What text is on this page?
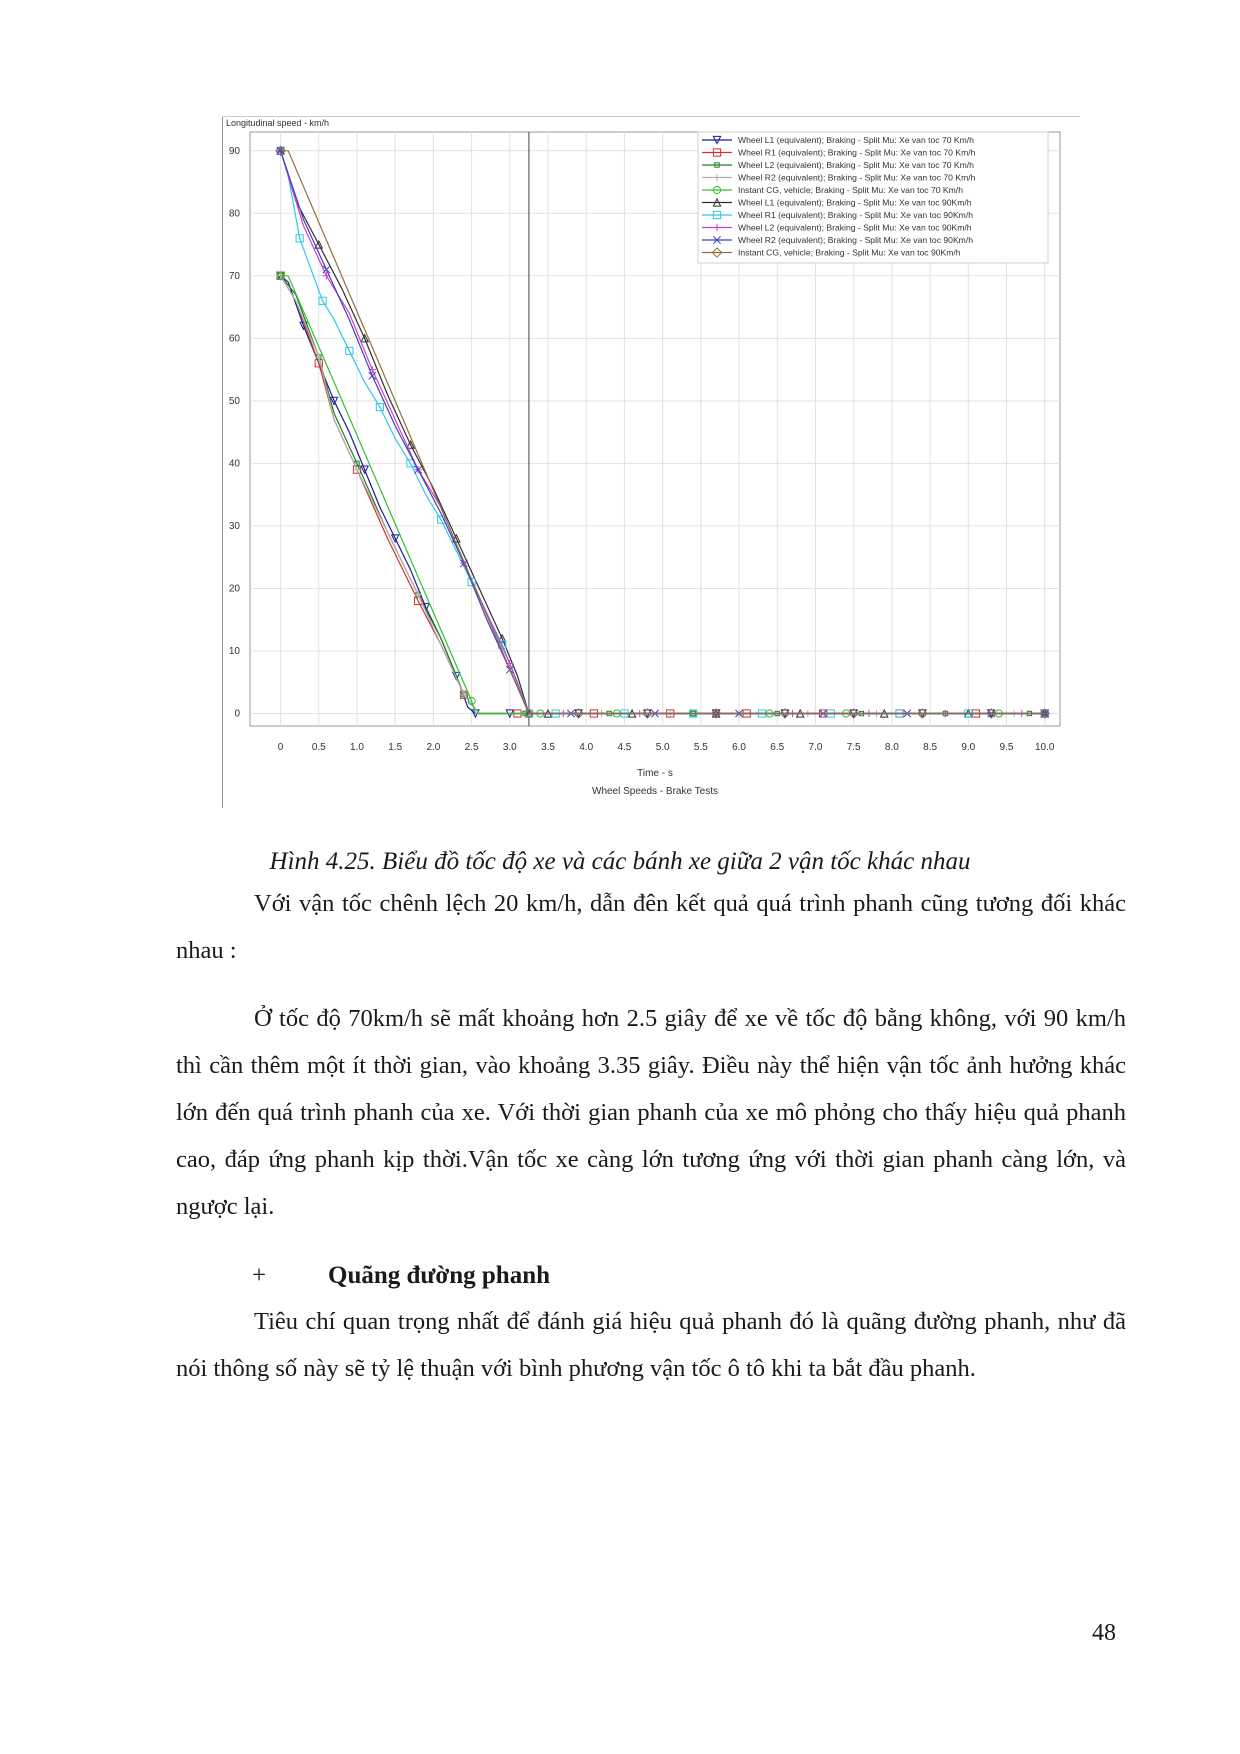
0
10
20
30
40
50
60
70
80
90
0	0.5 1.0 1.5 2.0 2.5 3.0 3.5 4.0 4.5 5.0 5.5 6.0 6.5 7.0 7.5 8.0 8.5 9.0 9.5 10.0
Longitudinal speed - km/h
Time - s
Wheel Speeds - Brake Tests
Wheel L1 (equivalent); Braking - Split Mu: Xe van toc 70 Km/h
Wheel R1 (equivalent); Braking - Split Mu: Xe van toc 70 Km/h
Wheel L2 (equivalent); Braking - Split Mu: Xe van toc 70 Km/h
Wheel R2 (equivalent); Braking - Split Mu: Xe van toc 70 Km/h
Instant CG, vehicle; Braking - Split Mu: Xe van toc 70 Km/h
Wheel L1 (equivalent); Braking - Split Mu: Xe van toc 90Km/h
Wheel R1 (equivalent); Braking - Split Mu: Xe van toc 90Km/h
Wheel L2 (equivalent); Braking - Split Mu: Xe van toc 90Km/h
Wheel R2 (equivalent); Braking - Split Mu: Xe van toc 90Km/h
Instant CG, vehicle; Braking - Split Mu: Xe van toc 90Km/h
Hình 4.25. Biểu đồ tốc độ xe và các bánh xe giữa 2 vận tốc khác nhau
Với vận tốc chênh lệch 20 km/h, dẫn đên kết quả quá trình phanh cũng tương đối khác nhau :
Ở tốc độ 70km/h sẽ mất khoảng hơn 2.5 giây để xe về tốc độ bằng không, với 90 km/h thì cần thêm một ít thời gian, vào khoảng 3.35 giây. Điều này thể hiện vận tốc ảnh hưởng khác lớn đến quá trình phanh của xe. Với thời gian phanh của xe mô phỏng cho thấy hiệu quả phanh cao, đáp ứng phanh kịp thời.Vận tốc xe càng lớn tương ứng với thời gian phanh càng lớn, và ngược lại.
+ Quãng đường phanh
Tiêu chí quan trọng nhất để đánh giá hiệu quả phanh đó là quãng đường phanh, như đã nói thông số này sẽ tỷ lệ thuận với bình phương vận tốc ô tô khi ta bắt đầu phanh.
48
